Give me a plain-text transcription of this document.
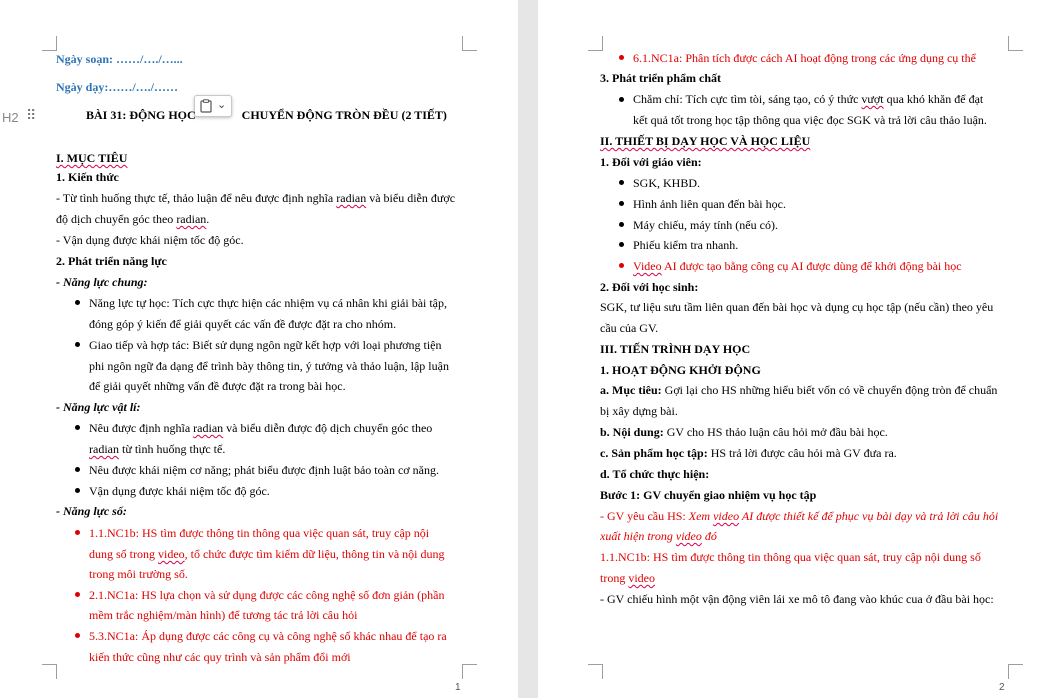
H2 ⠿
⌄
Ngày soạn: ……/…./…...
Ngày dạy:……/…./……
BÀI 31: ĐỘNG HỌC	CHUYỂN ĐỘNG TRÒN ĐỀU (2 TIẾT)
I. MỤC TIÊU
1. Kiến thức
- Từ tình huống thực tế, thảo luận để nêu được định nghĩa radian và biểu diễn được
độ dịch chuyển góc theo radian.
- Vận dụng được khái niệm tốc độ góc.
2. Phát triển năng lực
- Năng lực chung:
Năng lực tự học: Tích cực thực hiện các nhiệm vụ cá nhân khi giải bài tập,
đóng góp ý kiến để giải quyết các vấn đề được đặt ra cho nhóm.
Giao tiếp và hợp tác: Biết sử dụng ngôn ngữ kết hợp với loại phương tiện
phi ngôn ngữ đa dạng để trình bày thông tin, ý tưởng và thảo luận, lập luận
để giải quyết những vấn đề được đặt ra trong bài học.
- Năng lực vật lí:
Nêu được định nghĩa radian và biểu diễn được độ dịch chuyển góc theo
radian từ tình huống thực tế.
Nêu được khái niệm cơ năng; phát biểu được định luật bảo toàn cơ năng.
Vận dụng được khái niệm tốc độ góc.
- Năng lực số:
1.1.NC1b: HS tìm được thông tin thông qua việc quan sát, truy cập nội
dung số trong video, tổ chức được tìm kiếm dữ liệu, thông tin và nội dung
trong môi trường số.
2.1.NC1a: HS lựa chọn và sử dụng được các công nghệ số đơn giản (phần
mềm trắc nghiệm/màn hình) để tương tác trả lời câu hỏi
5.3.NC1a: Áp dụng được các công cụ và công nghệ số khác nhau để tạo ra
kiến thức cũng như các quy trình và sản phẩm đổi mới
1
6.1.NC1a: Phân tích được cách AI hoạt động trong các ứng dụng cụ thể
3. Phát triển phẩm chất
Chăm chỉ: Tích cực tìm tòi, sáng tạo, có ý thức vượt qua khó khăn để đạt
kết quả tốt trong học tập thông qua việc đọc SGK và trả lời câu thảo luận.
II. THIẾT BỊ DẠY HỌC VÀ HỌC LIỆU
1. Đối với giáo viên:
SGK, KHBD.
Hình ảnh liên quan đến bài học.
Máy chiếu, máy tính (nếu có).
Phiếu kiểm tra nhanh.
Video AI được tạo bằng công cụ AI được dùng để khởi động bài học
2. Đối với học sinh:
SGK, tư liệu sưu tầm liên quan đến bài học và dụng cụ học tập (nếu cần) theo yêu
cầu của GV.
III. TIẾN TRÌNH DẠY HỌC
1. HOẠT ĐỘNG KHỞI ĐỘNG
a. Mục tiêu: Gợi lại cho HS những hiểu biết vốn có về chuyển động tròn để chuẩn
bị xây dựng bài.
b. Nội dung: GV cho HS thảo luận câu hỏi mở đầu bài học.
c. Sản phẩm học tập: HS trả lời được câu hỏi mà GV đưa ra.
d. Tổ chức thực hiện:
Bước 1: GV chuyển giao nhiệm vụ học tập
- GV yêu cầu HS: Xem video AI được thiết kế để phục vụ bài dạy và trả lời câu hỏi
xuất hiện trong video đó
1.1.NC1b: HS tìm được thông tin thông qua việc quan sát, truy cập nội dung số
trong video
- GV chiếu hình một vận động viên lái xe mô tô đang vào khúc cua ở đầu bài học:
2
